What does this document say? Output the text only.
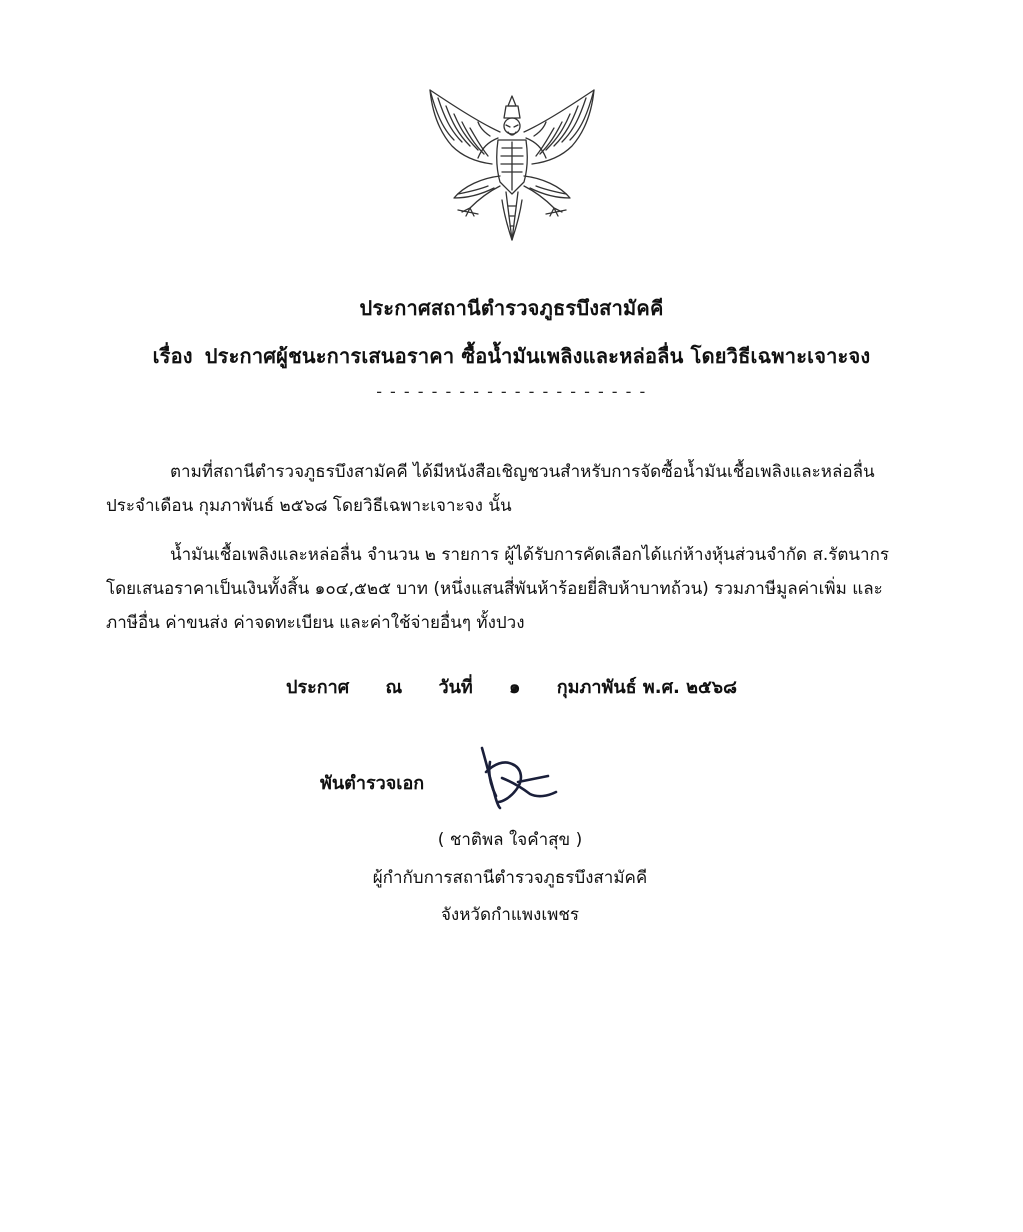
ประกาศสถานีตำรวจภูธรบึงสามัคคี
เรื่อง ประกาศผู้ชนะการเสนอราคา ซื้อน้ำมันเพลิงและหล่อลื่น โดยวิธีเฉพาะเจาะจง
- - - - - - - - - - - - - - - - - - - -
ตามที่สถานีตำรวจภูธรบึงสามัคคี ได้มีหนังสือเชิญชวนสำหรับการจัดซื้อน้ำมันเชื้อเพลิงและหล่อลื่น
ประจำเดือน กุมภาพันธ์ ๒๕๖๘ โดยวิธีเฉพาะเจาะจง นั้น
น้ำมันเชื้อเพลิงและหล่อลื่น จำนวน ๒ รายการ ผู้ได้รับการคัดเลือกได้แก่ห้างหุ้นส่วนจำกัด ส.รัตนากร
โดยเสนอราคาเป็นเงินทั้งสิ้น ๑๐๔,๕๒๕ บาท (หนึ่งแสนสี่พันห้าร้อยยี่สิบห้าบาทถ้วน) รวมภาษีมูลค่าเพิ่ม และ
ภาษีอื่น ค่าขนส่ง ค่าจดทะเบียน และค่าใช้จ่ายอื่นๆ ทั้งปวง
ประกาศ ณ วันที่ ๑ กุมภาพันธ์ พ.ศ. ๒๕๖๘
พันตำรวจเอก
( ชาติพล ใจคำสุข )
ผู้กำกับการสถานีตำรวจภูธรบึงสามัคคี
จังหวัดกำแพงเพชร
